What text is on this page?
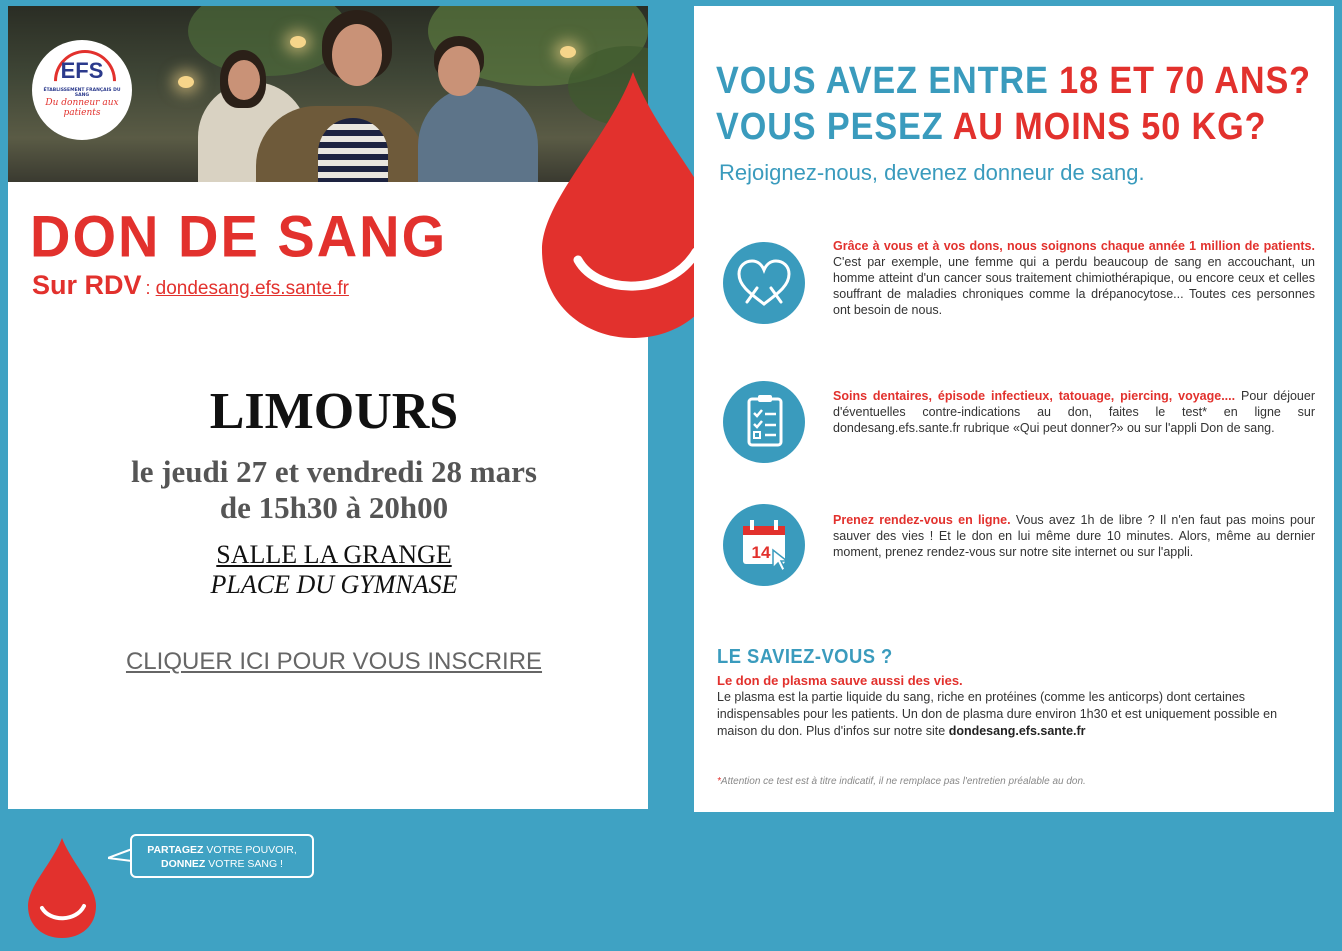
EFS
ÉTABLISSEMENT FRANÇAIS DU SANG
Du donneur aux patients
DON DE SANG
Sur RDV : dondesang.efs.sante.fr
LIMOURS
le jeudi 27 et vendredi 28 mars
de 15h30 à 20h00
SALLE LA GRANGE
PLACE DU GYMNASE
CLIQUER ICI POUR VOUS INSCRIRE
VOUS AVEZ ENTRE 18 ET 70 ANS?
VOUS PESEZ AU MOINS 50 KG?
Rejoignez-nous, devenez donneur de sang.
Grâce à vous et à vos dons, nous soignons chaque année 1 million de patients. C'est par exemple, une femme qui a perdu beaucoup de sang en accouchant, un homme atteint d'un cancer sous traitement chimiothérapique, ou encore ceux et celles souffrant de maladies chroniques comme la drépanocytose... Toutes ces personnes ont besoin de nous.
Soins dentaires, épisode infectieux, tatouage, piercing, voyage.... Pour déjouer d'éventuelles contre-indications au don, faites le test* en ligne sur dondesang.efs.sante.fr rubrique «Qui peut donner?» ou sur l'appli Don de sang.
14
Prenez rendez-vous en ligne. Vous avez 1h de libre ? Il n'en faut pas moins pour sauver des vies ! Et le don en lui même dure 10 minutes. Alors, même au dernier moment, prenez rendez-vous sur notre site internet ou sur l'appli.
LE SAVIEZ-VOUS ?
Le don de plasma sauve aussi des vies.
Le plasma est la partie liquide du sang, riche en protéines (comme les anticorps) dont certaines indispensables pour les patients. Un don de plasma dure environ 1h30 et est uniquement possible en maison du don. Plus d'infos sur notre site dondesang.efs.sante.fr
*Attention ce test est à titre indicatif, il ne remplace pas l'entretien préalable au don.
PARTAGEZ VOTRE POUVOIR,
DONNEZ VOTRE SANG !
